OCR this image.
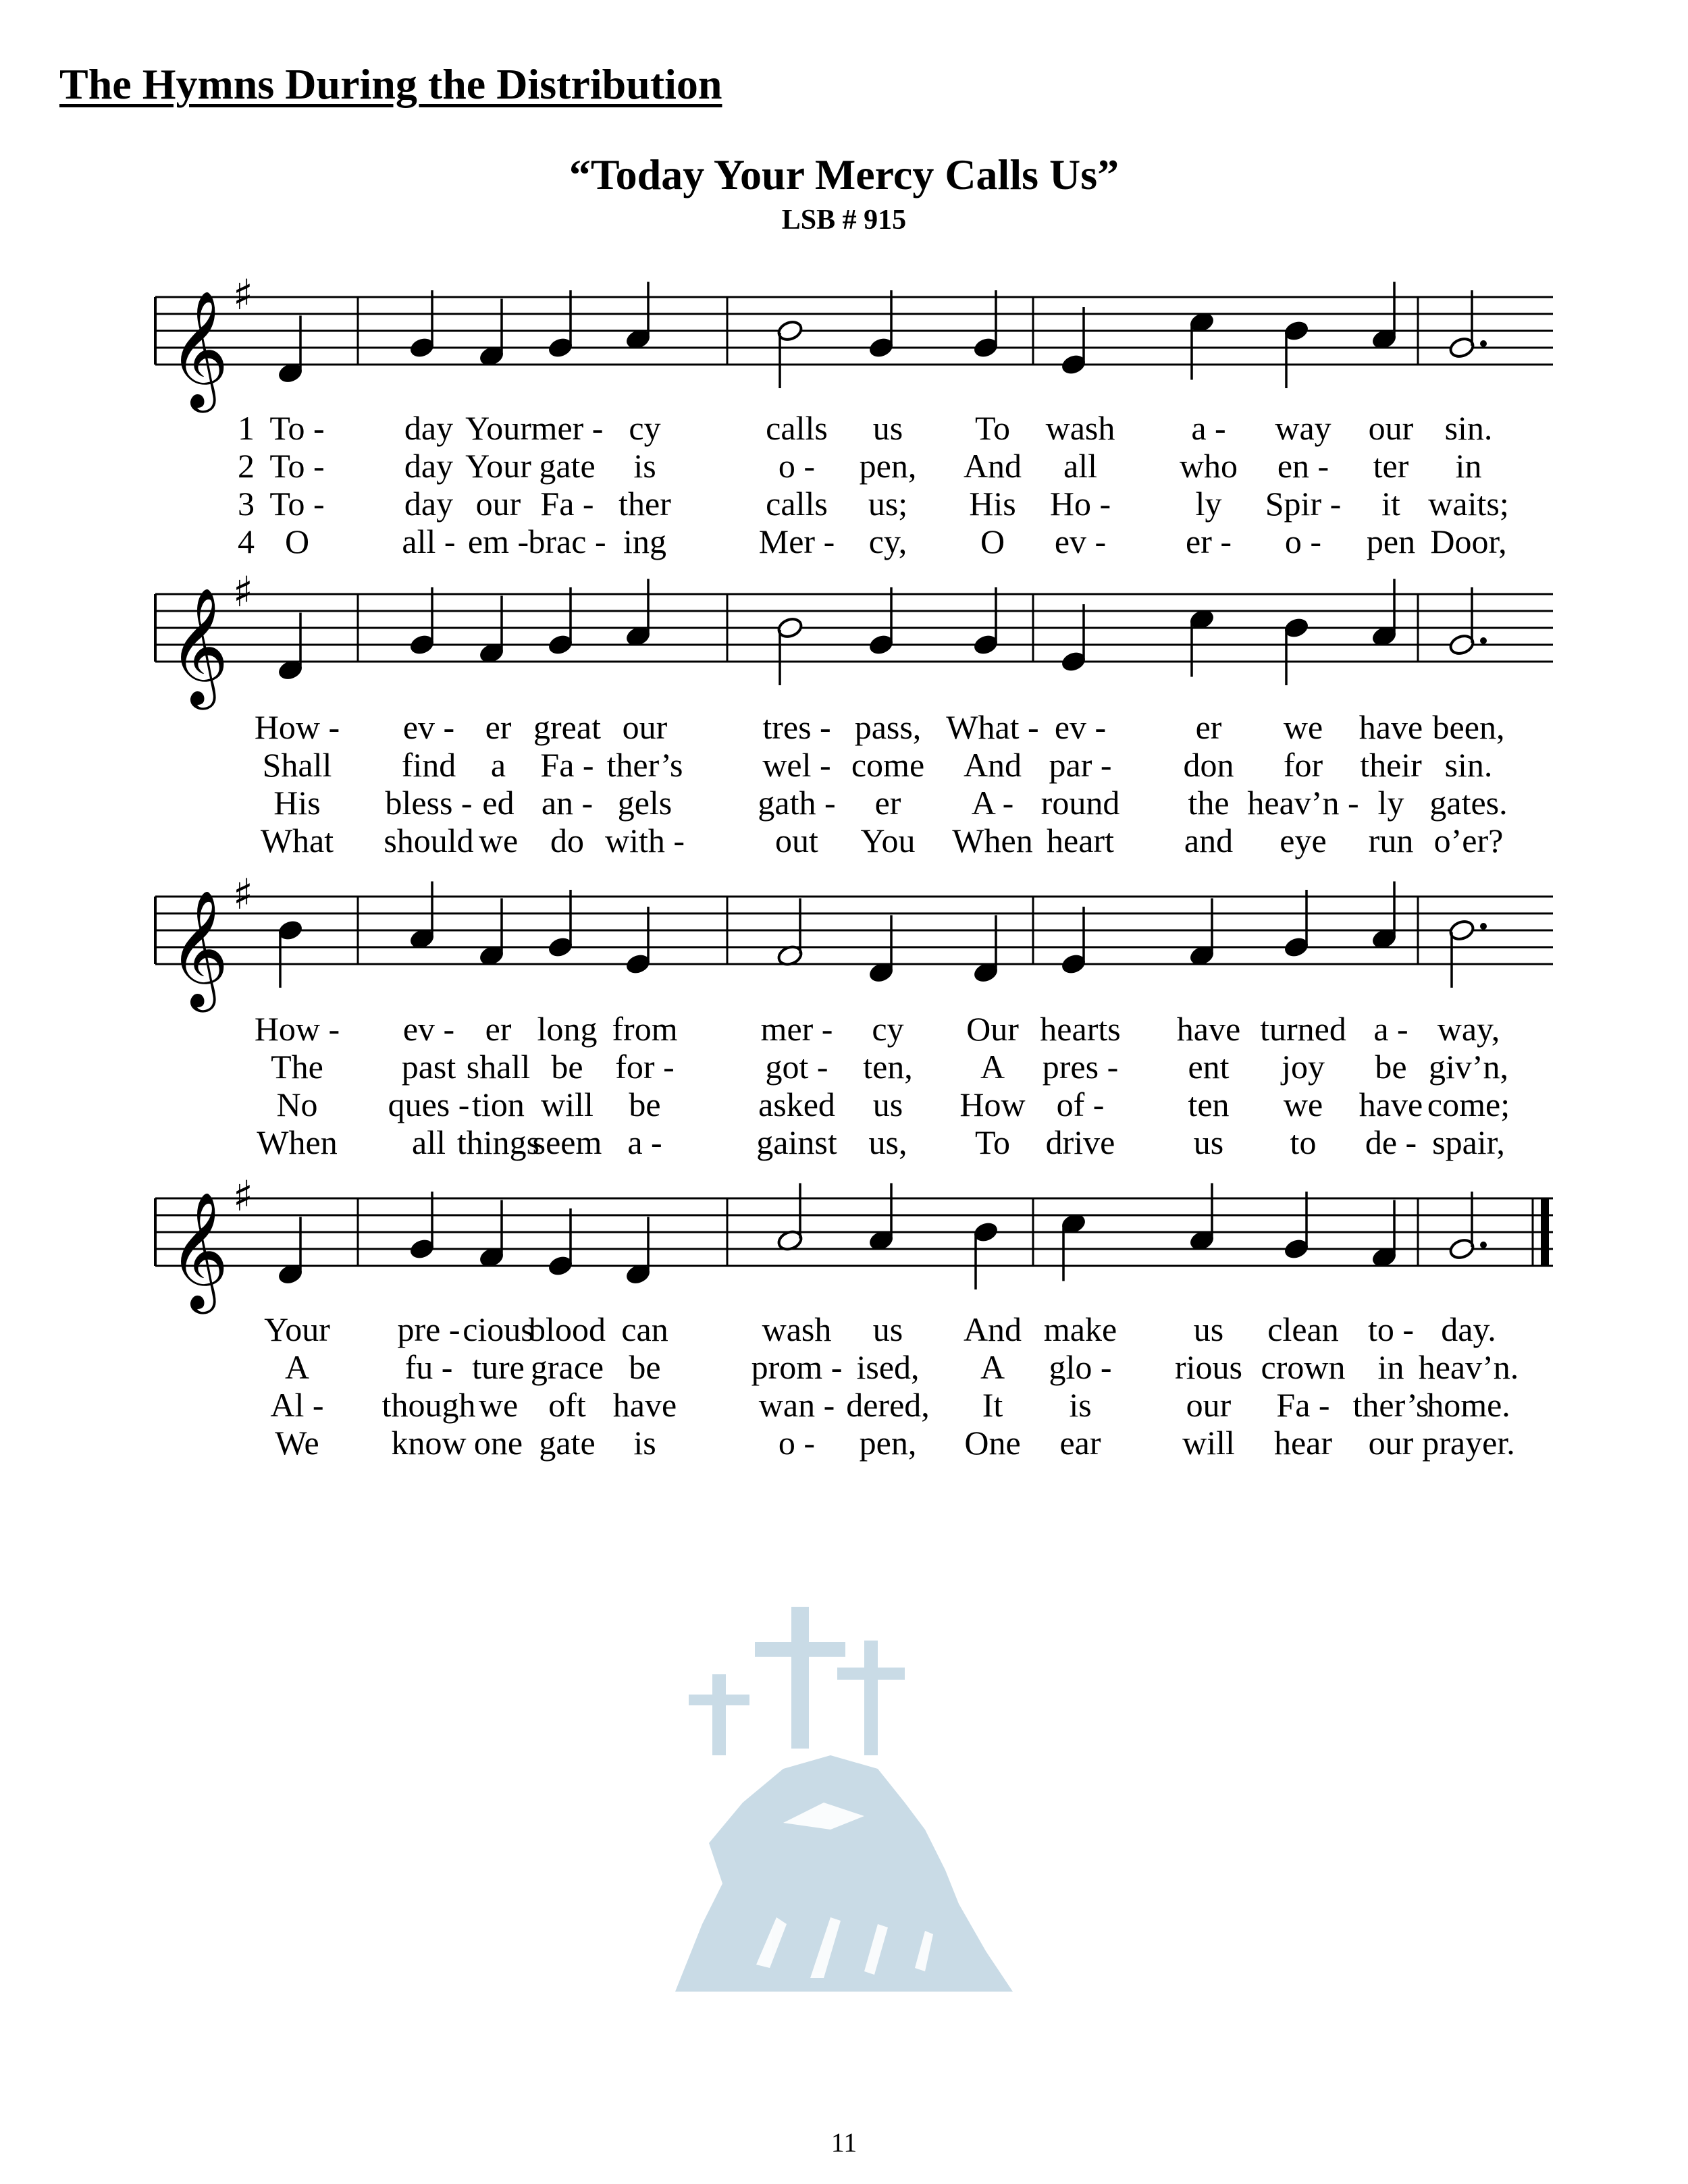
The Hymns During the Distribution
“Today Your Mercy Calls Us”
LSB # 915
𝄞 ♯
1 To - day Your mer - cy	calls us To wash a - way our sin.
2 To - day Your gate is	o - pen, And all who en - ter in
3 To - day our Fa - ther	calls us; His Ho -	ly Spir - it waits;
4 O	all - em - brac - ing	Mer - cy, O ev - er - o - pen Door,
𝄞 ♯
How - ev - er great our	tres - pass, What - ev -	er we have been,
Shall find a Fa - ther’s wel - come And par - don for their sin.
His bless - ed an - gels	gath - er A - round the heav’n - ly gates.
What should we do with -	out You When heart and eye run o’er?
𝄞 ♯
How - ev - er long from mer - cy Our hearts have turned a - way,
The past shall be for -	got - ten, A pres - ent joy be giv’n,
No ques - tion will be	asked us How of - ten we have come;
When all things
seem a -	gainst us, To drive us to de - spair,
𝄞 ♯
Your pre - cious
blood can	wash us And make us clean to - day.
A	fu - ture grace be	prom - ised, A glo - rious crown in heav’n.
Al - though we oft have wan - dered, It is	our Fa - ther’s
home.
We know one gate is	o - pen, One ear will hear our prayer.
11
